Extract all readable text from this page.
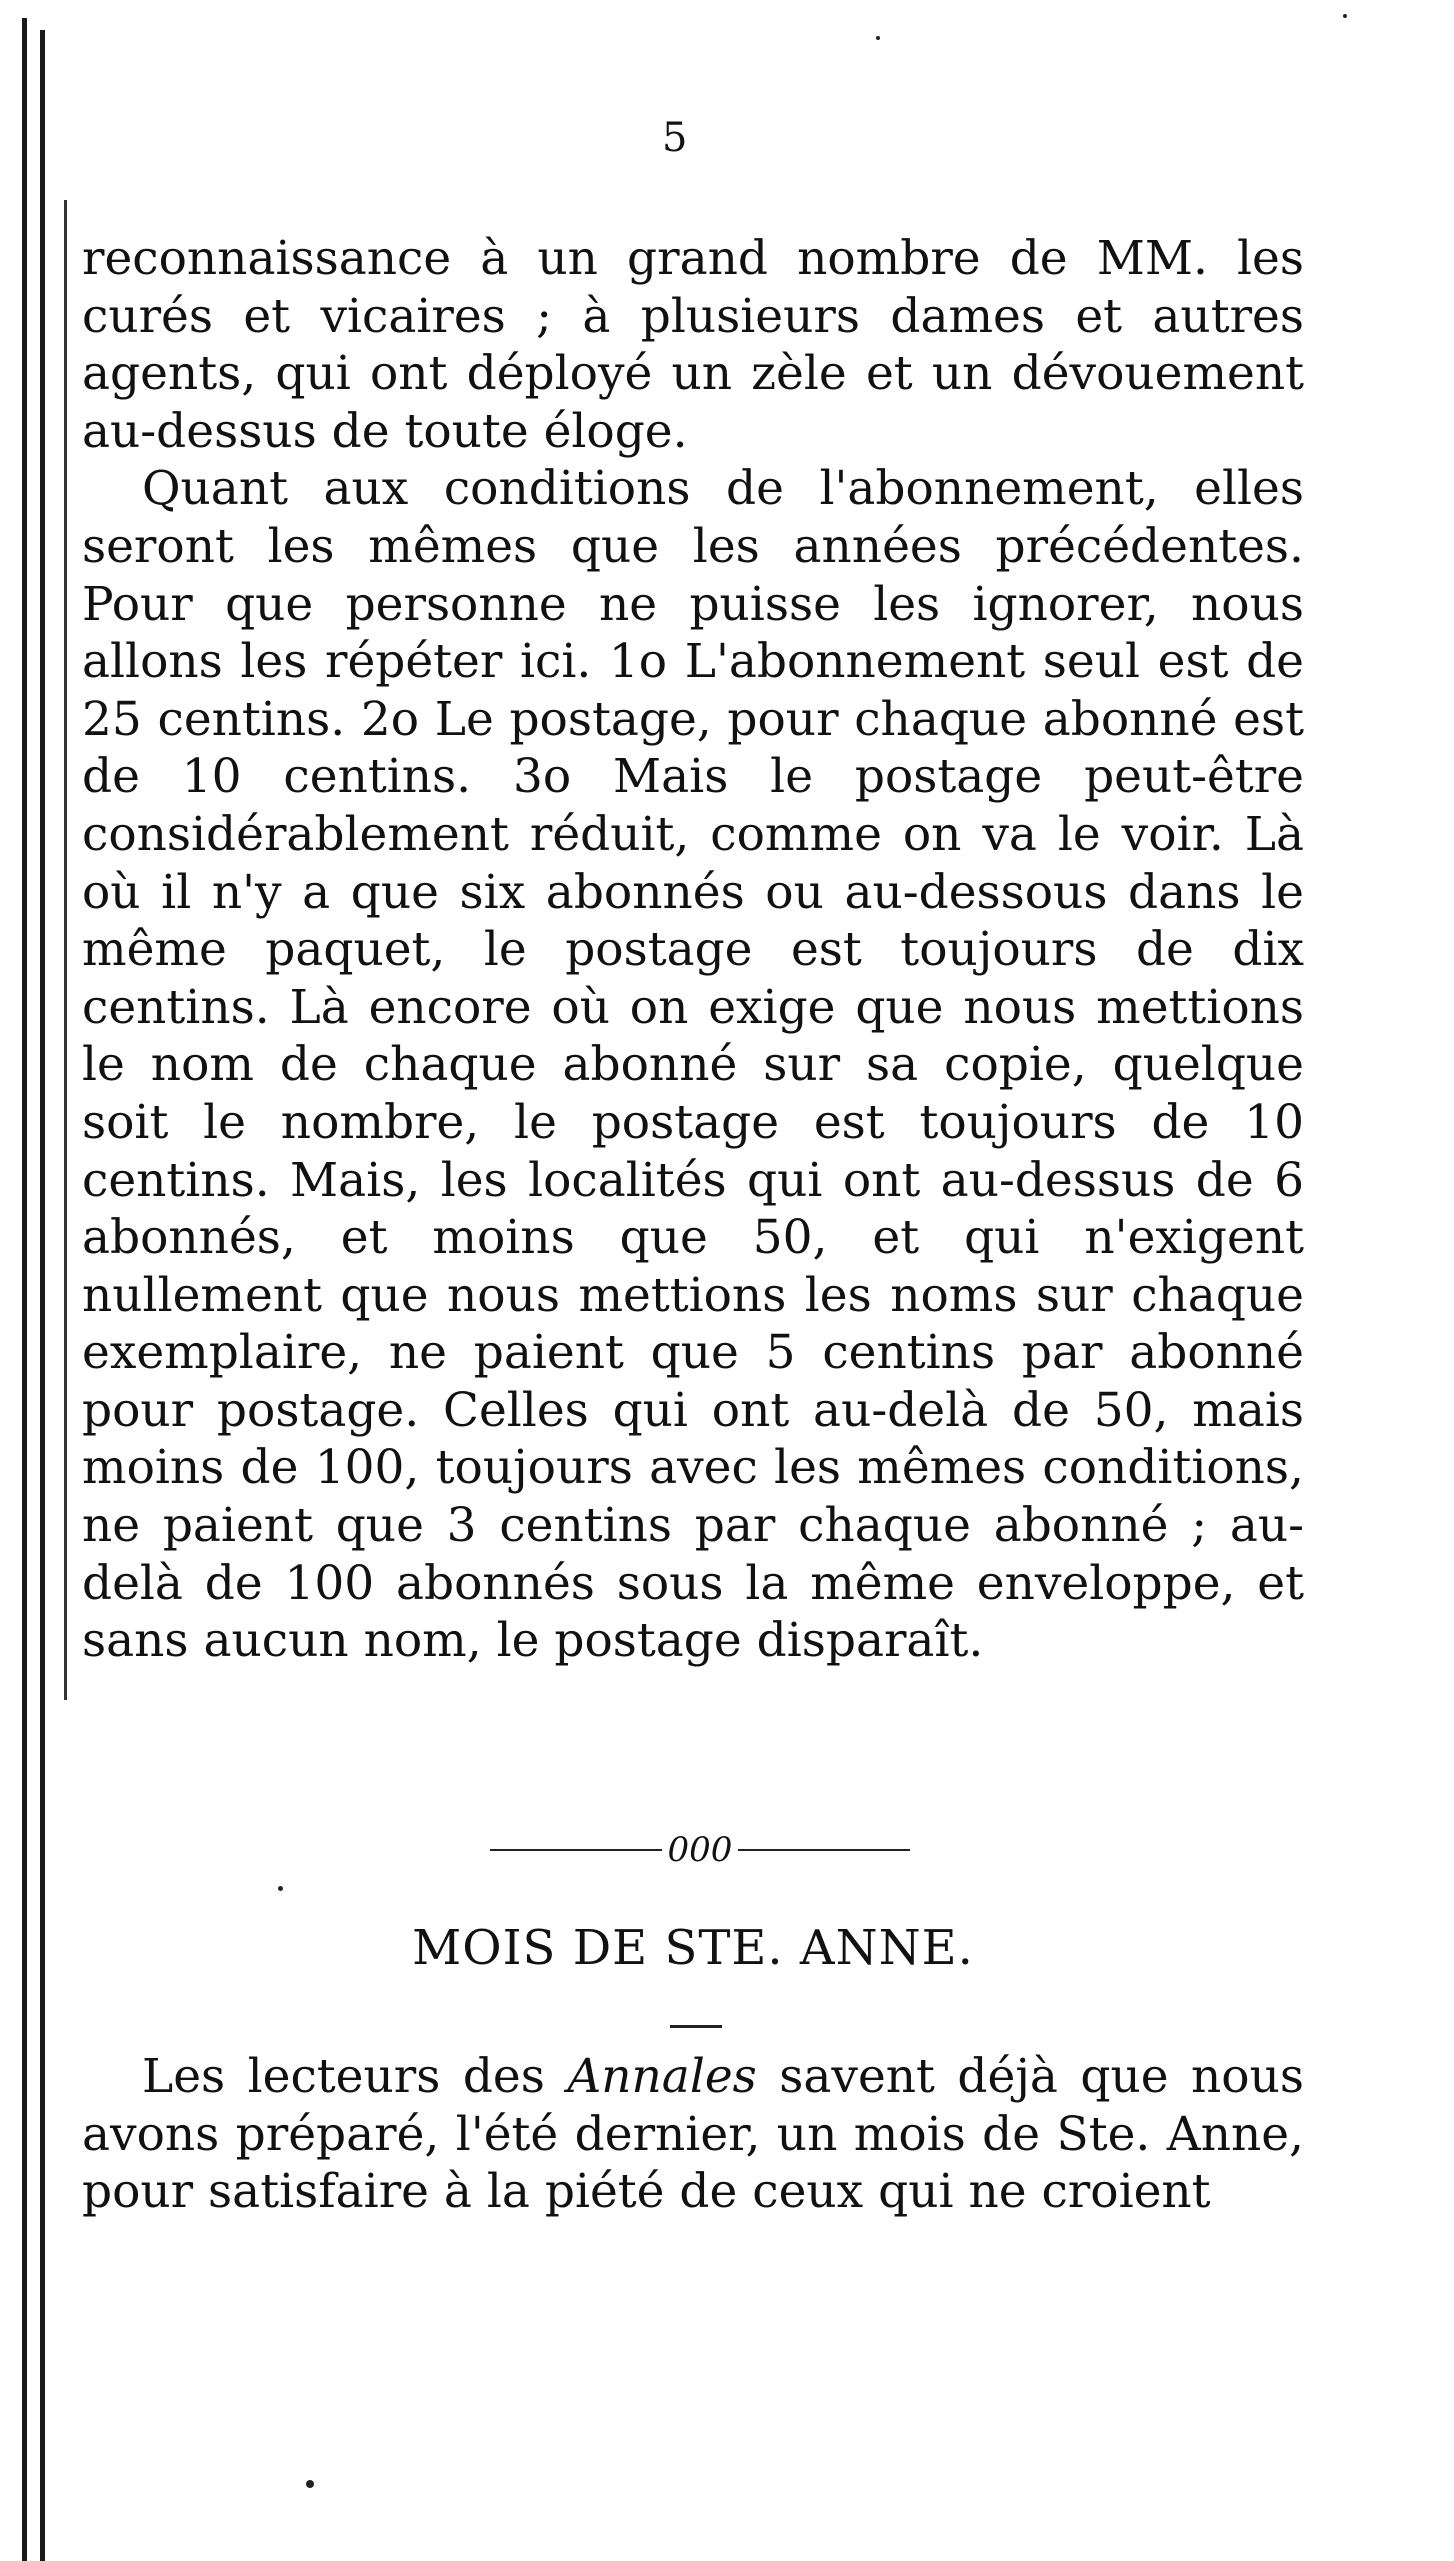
5

reconnaissance à un grand nombre de MM. les curés et vicaires ; à plusieurs dames et autres agents, qui ont déployé un zèle et un dévouement au-dessus de toute éloge.

Quant aux conditions de l'abonnement, elles seront les mêmes que les années précédentes. Pour que personne ne puisse les ignorer, nous allons les répéter ici. 1o L'abonnement seul est de 25 centins. 2o Le postage, pour chaque abonné est de 10 centins. 3o Mais le postage peut-être considérablement réduit, comme on va le voir. Là où il n'y a que six abonnés ou au-dessous dans le même paquet, le postage est toujours de dix centins. Là encore où on exige que nous mettions le nom de chaque abonné sur sa copie, quelque soit le nombre, le postage est toujours de 10 centins. Mais, les localités qui ont au-dessus de 6 abonnés, et moins que 50, et qui n'exigent nullement que nous mettions les noms sur chaque exemplaire, ne paient que 5 centins par abonné pour postage. Celles qui ont au-delà de 50, mais moins de 100, toujours avec les mêmes conditions, ne paient que 3 centins par chaque abonné ; au-delà de 100 abonnés sous la même enveloppe, et sans aucun nom, le postage disparaît.

000
MOIS DE STE. ANNE.

Les lecteurs des Annales savent déjà que nous avons préparé, l'été dernier, un mois de Ste. Anne, pour satisfaire à la piété de ceux qui ne croient
